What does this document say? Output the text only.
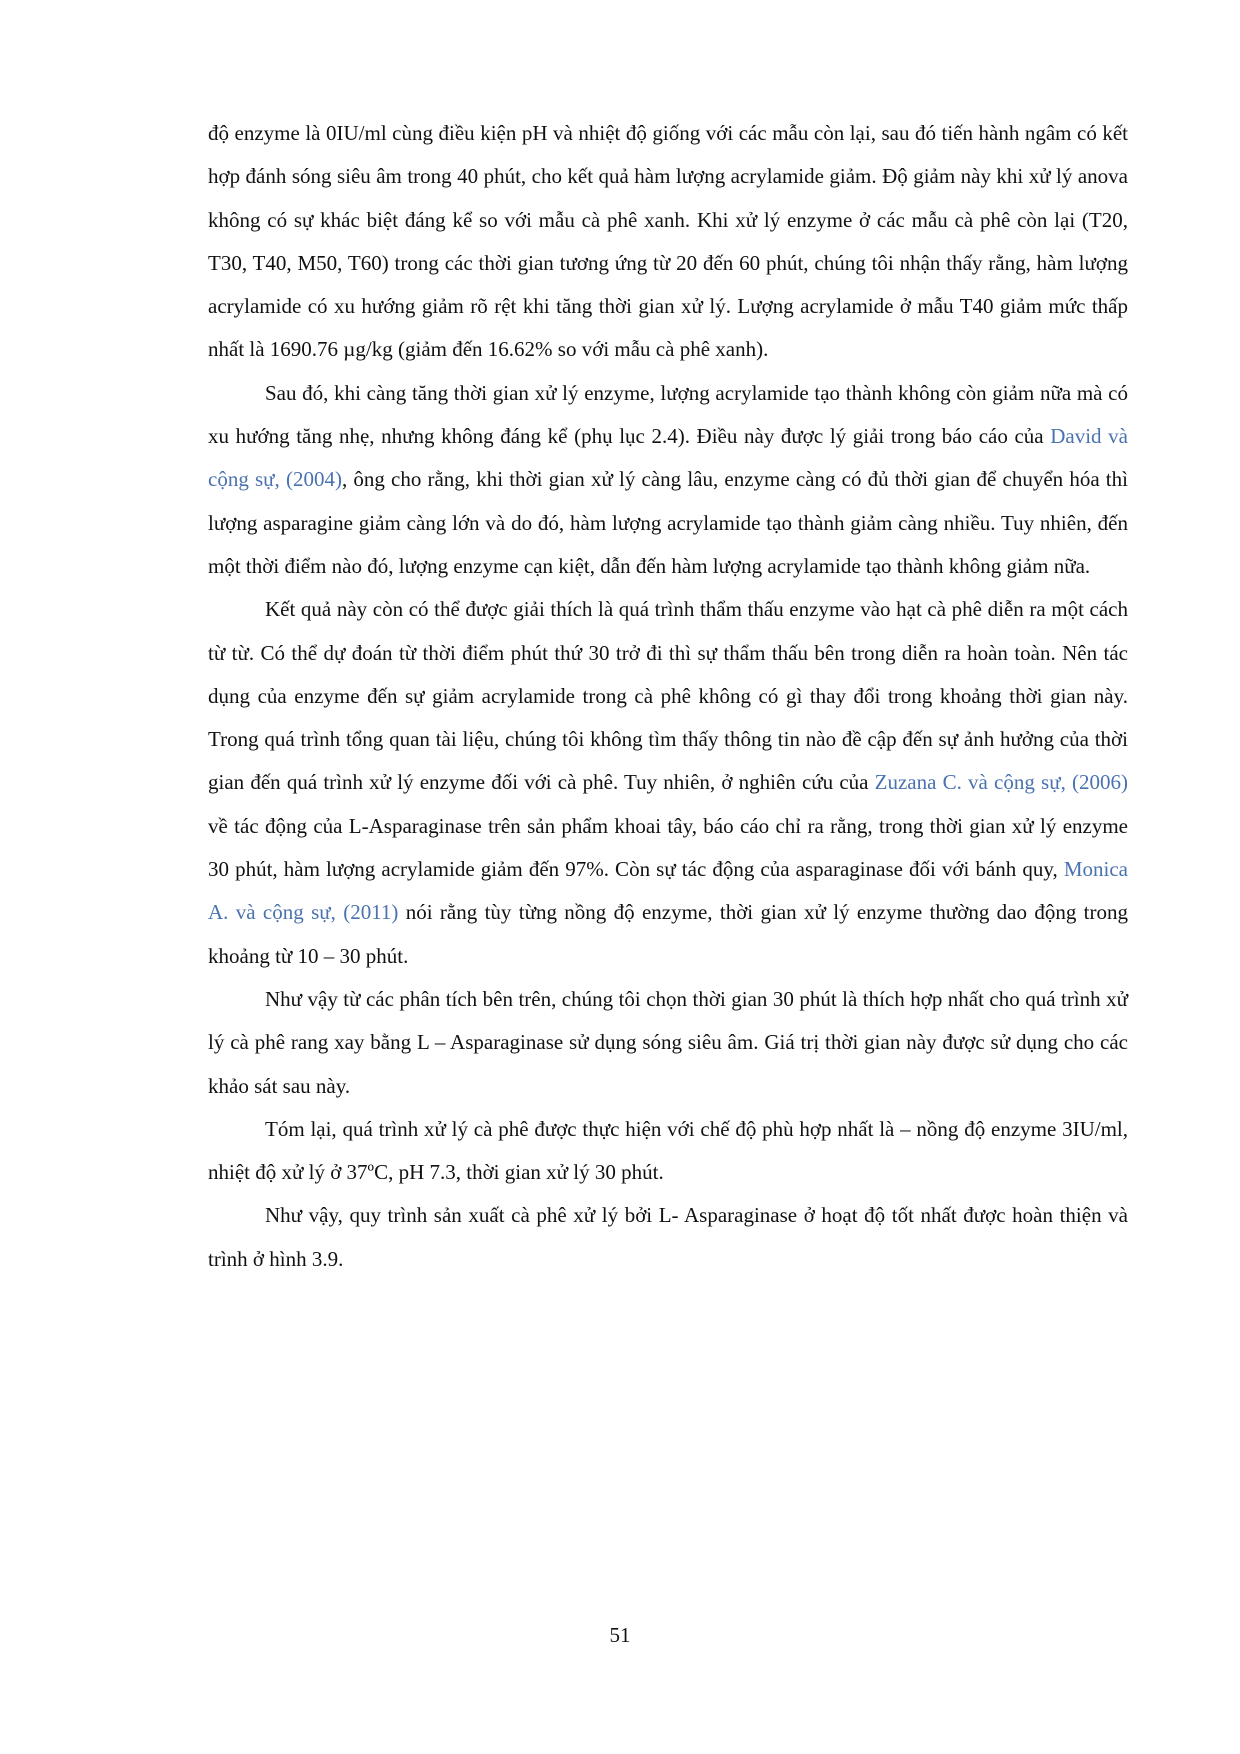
độ enzyme là 0IU/ml cùng điều kiện pH và nhiệt độ giống với các mẫu còn lại, sau đó tiến hành ngâm có kết hợp đánh sóng siêu âm trong 40 phút, cho kết quả hàm lượng acrylamide giảm. Độ giảm này khi xử lý anova không có sự khác biệt đáng kể so với mẫu cà phê xanh. Khi xử lý enzyme ở các mẫu cà phê còn lại (T20, T30, T40, M50, T60) trong các thời gian tương ứng từ 20 đến 60 phút, chúng tôi nhận thấy rằng, hàm lượng acrylamide có xu hướng giảm rõ rệt khi tăng thời gian xử lý. Lượng acrylamide ở mẫu T40 giảm mức thấp nhất là 1690.76 µg/kg (giảm đến 16.62% so với mẫu cà phê xanh).

Sau đó, khi càng tăng thời gian xử lý enzyme, lượng acrylamide tạo thành không còn giảm nữa mà có xu hướng tăng nhẹ, nhưng không đáng kể (phụ lục 2.4). Điều này được lý giải trong báo cáo của David và cộng sự, (2004), ông cho rằng, khi thời gian xử lý càng lâu, enzyme càng có đủ thời gian để chuyển hóa thì lượng asparagine giảm càng lớn và do đó, hàm lượng acrylamide tạo thành giảm càng nhiều. Tuy nhiên, đến một thời điểm nào đó, lượng enzyme cạn kiệt, dẫn đến hàm lượng acrylamide tạo thành không giảm nữa.

Kết quả này còn có thể được giải thích là quá trình thẩm thấu enzyme vào hạt cà phê diễn ra một cách từ từ. Có thể dự đoán từ thời điểm phút thứ 30 trở đi thì sự thẩm thấu bên trong diễn ra hoàn toàn. Nên tác dụng của enzyme đến sự giảm acrylamide trong cà phê không có gì thay đổi trong khoảng thời gian này. Trong quá trình tổng quan tài liệu, chúng tôi không tìm thấy thông tin nào đề cập đến sự ảnh hưởng của thời gian đến quá trình xử lý enzyme đối với cà phê. Tuy nhiên, ở nghiên cứu của Zuzana C. và cộng sự, (2006) về tác động của L-Asparaginase trên sản phẩm khoai tây, báo cáo chỉ ra rằng, trong thời gian xử lý enzyme 30 phút, hàm lượng acrylamide giảm đến 97%. Còn sự tác động của asparaginase đối với bánh quy, Monica A. và cộng sự, (2011) nói rằng tùy từng nồng độ enzyme, thời gian xử lý enzyme thường dao động trong khoảng từ 10 – 30 phút.

Như vậy từ các phân tích bên trên, chúng tôi chọn thời gian 30 phút là thích hợp nhất cho quá trình xử lý cà phê rang xay bằng L – Asparaginase sử dụng sóng siêu âm. Giá trị thời gian này được sử dụng cho các khảo sát sau này.

Tóm lại, quá trình xử lý cà phê được thực hiện với chế độ phù hợp nhất là – nồng độ enzyme 3IU/ml, nhiệt độ xử lý ở 37ºC, pH 7.3, thời gian xử lý 30 phút.

Như vậy, quy trình sản xuất cà phê xử lý bởi L- Asparaginase ở hoạt độ tốt nhất được hoàn thiện và trình ở hình 3.9.

51
